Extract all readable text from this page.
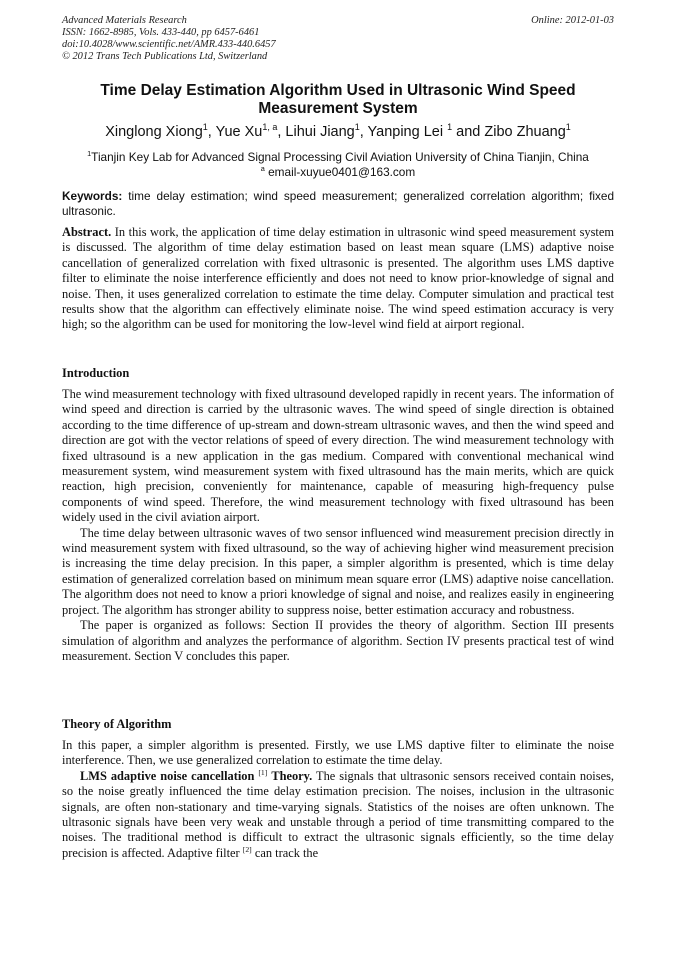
Advanced Materials Research
ISSN: 1662-8985, Vols. 433-440, pp 6457-6461
doi:10.4028/www.scientific.net/AMR.433-440.6457
© 2012 Trans Tech Publications Ltd, Switzerland
Online: 2012-01-03
Time Delay Estimation Algorithm Used in Ultrasonic Wind Speed Measurement System
Xinglong Xiong$^1$, Yue Xu$^{1, a}$, Lihui Jiang$^1$, Yanping Lei $^1$ and Zibo Zhuang$^1$
$^1$Tianjin Key Lab for Advanced Signal Processing Civil Aviation University of China Tianjin, China
$^a$ email-xuyue0401@163.com
Keywords: time delay estimation; wind speed measurement; generalized correlation algorithm; fixed ultrasonic.

Abstract. In this work, the application of time delay estimation in ultrasonic wind speed measurement system is discussed. The algorithm of time delay estimation based on least mean square (LMS) adaptive noise cancellation of generalized correlation with fixed ultrasonic is presented. The algorithm uses LMS daptive filter to eliminate the noise interference efficiently and does not need to know prior-knowledge of signal and noise. Then, it uses generalized correlation to estimate the time delay. Computer simulation and practical test results show that the algorithm can effectively eliminate noise. The wind speed estimation accuracy is very high; so the algorithm can be used for monitoring the low-level wind field at airport regional.

Introduction

The wind measurement technology with fixed ultrasound developed rapidly in recent years. The information of wind speed and direction is carried by the ultrasonic waves. The wind speed of single direction is obtained according to the time difference of up-stream and down-stream ultrasonic waves, and then the wind speed and direction are got with the vector relations of speed of every direction. The wind measurement technology with fixed ultrasound is a new application in the gas medium. Compared with conventional mechanical wind measurement system, wind measurement system with fixed ultrasound has the main merits, which are quick reaction, high precision, conveniently for maintenance, capable of measuring high-frequency pulse components of wind speed. Therefore, the wind measurement technology with fixed ultrasound has been widely used in the civil aviation airport.

The time delay between ultrasonic waves of two sensor influenced wind measurement precision directly in wind measurement system with fixed ultrasound, so the way of achieving higher wind measurement precision is increasing the time delay precision. In this paper, a simpler algorithm is presented, which is time delay estimation of generalized correlation based on minimum mean square error (LMS) adaptive noise cancellation. The algorithm does not need to know a priori knowledge of signal and noise, and realizes easily in engineering project. The algorithm has stronger ability to suppress noise, better estimation accuracy and robustness.

The paper is organized as follows: Section II provides the theory of algorithm. Section III presents simulation of algorithm and analyzes the performance of algorithm. Section IV presents practical test of wind measurement. Section V concludes this paper.

Theory of Algorithm

In this paper, a simpler algorithm is presented. Firstly, we use LMS daptive filter to eliminate the noise interference. Then, we use generalized correlation to estimate the time delay.

LMS adaptive noise cancellation [1] Theory. The signals that ultrasonic sensors received contain noises, so the noise greatly influenced the time delay estimation precision. The noises, inclusion in the ultrasonic signals, are often non-stationary and time-varying signals. Statistics of the noises are often unknown. The ultrasonic signals have been very weak and unstable through a period of time transmitting compared to the noises. The traditional method is difficult to extract the ultrasonic signals efficiently, so the time delay precision is affected. Adaptive filter [2] can track the
